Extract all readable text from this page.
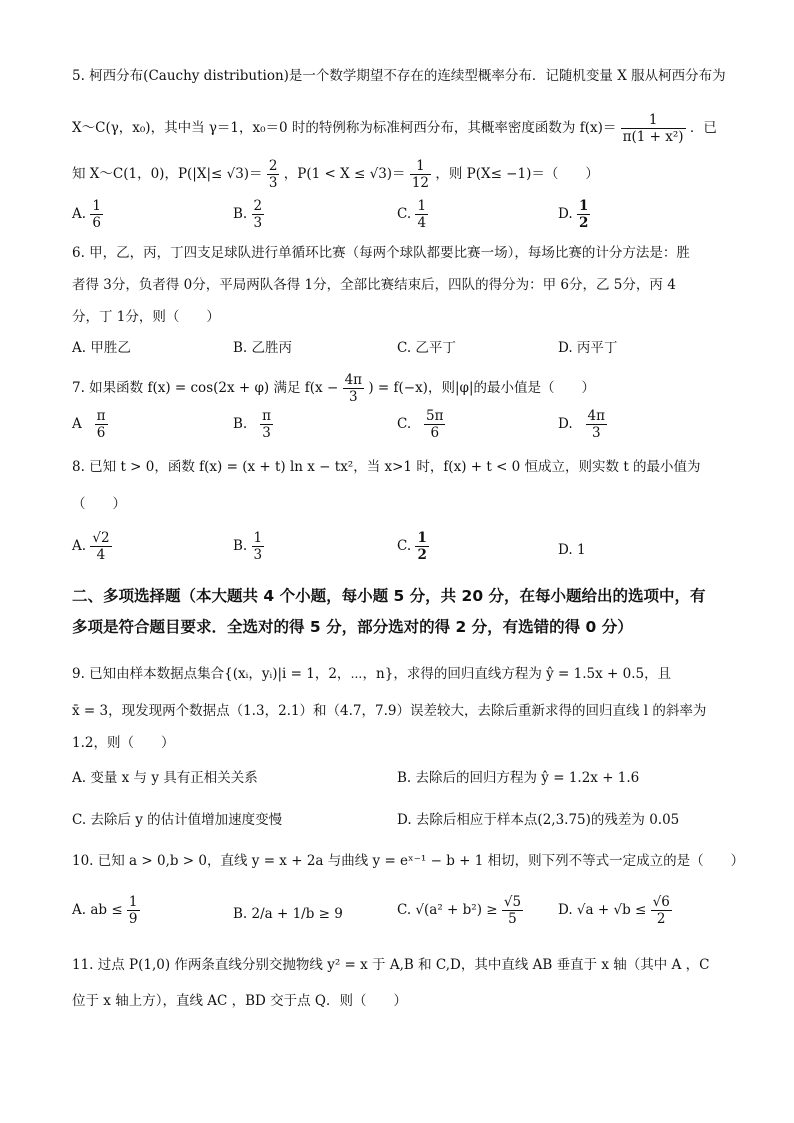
5. 柯西分布(Cauchy distribution)是一个数学期望不存在的连续型概率分布．记随机变量 X 服从柯西分布为
X～C(γ，x₀)，其中当 γ＝1，x₀＝0 时的特例称为标准柯西分布，其概率密度函数为 $f(x)= \frac{1}{\text{π(1 + x²)}}$ ．已
知 X～C(1，0)，$P(|X|\le √3)= \frac{2}{3}$ ，$P(1 < X \le √3)= \frac{1}{12}$ ，则 P(X≤ −1)＝（　　）
A. $\frac{1}{6}$	B. $\frac{2}{3}$	C. $\frac{1}{4}$	D. $\frac{1}{2}$
6. 甲，乙，丙，丁四支足球队进行单循环比赛（每两个球队都要比赛一场），每场比赛的计分方法是：胜
者得 3分，负者得 0分，平局两队各得 1分，全部比赛结束后，四队的得分为：甲 6分，乙 5分，丙 4
分，丁 1分，则（　　）
A. 甲胜乙	B. 乙胜丙	C. 乙平丁	D. 丙平丁
7. 如果函数 f(x) = cos(2x + φ) 满足 $f(x - \frac{4\pi}{3}$ ) = f(−x)，则|φ|的最小值是（　　）
A $\frac{\pi}{6}$	B. $\frac{\pi}{3}$	C. $\frac{5\pi}{6}$	D. $\frac{4\pi}{3}$
8. 已知 t > 0，函数 f(x) = (x + t) ln x − tx²，当 x>1 时，f(x) + t < 0 恒成立，则实数 t 的最小值为
（　　）
A. $\frac{√2}{4}$	B. $\frac{1}{3}$	C. $\frac{1}{2}$	D. 1
二、多项选择题（本大题共 4 个小题，每小题 5 分，共 20 分，在每小题给出的选项中，有
多项是符合题目要求．全选对的得 5 分，部分选对的得 2 分，有选错的得 0 分）
9. 已知由样本数据点集合{(xᵢ，yᵢ)|i = 1，2，⋯，n}，求得的回归直线方程为 ŷ = 1.5x + 0.5，且
x̄ = 3，现发现两个数据点（1.3，2.1）和（4.7，7.9）误差较大，去除后重新求得的回归直线 l 的斜率为
1.2，则（　　）
A. 变量 x 与 y 具有正相关关系	B. 去除后的回归方程为 ŷ = 1.2x + 1.6
C. 去除后 y 的估计值增加速度变慢	D. 去除后相应于样本点(2,3.75)的残差为 0.05
10. 已知 a > 0,b > 0，直线 y = x + 2a 与曲线 y = eˣ⁻¹ − b + 1 相切，则下列不等式一定成立的是（　　）
A. ab ≤ $\frac{1}{9}$	B. 2/a + 1/b ≥ 9	C. $√(a^2 + b^2) \ge \frac{√5}{5}$	D. $√a + √b \le \frac{√6}{2}$
11. 过点 P(1,0) 作两条直线分别交抛物线 y² = x 于 A,B 和 C,D，其中直线 AB 垂直于 x 轴（其中 A ，C
位于 x 轴上方），直线 AC ，BD 交于点 Q．则（　　）
